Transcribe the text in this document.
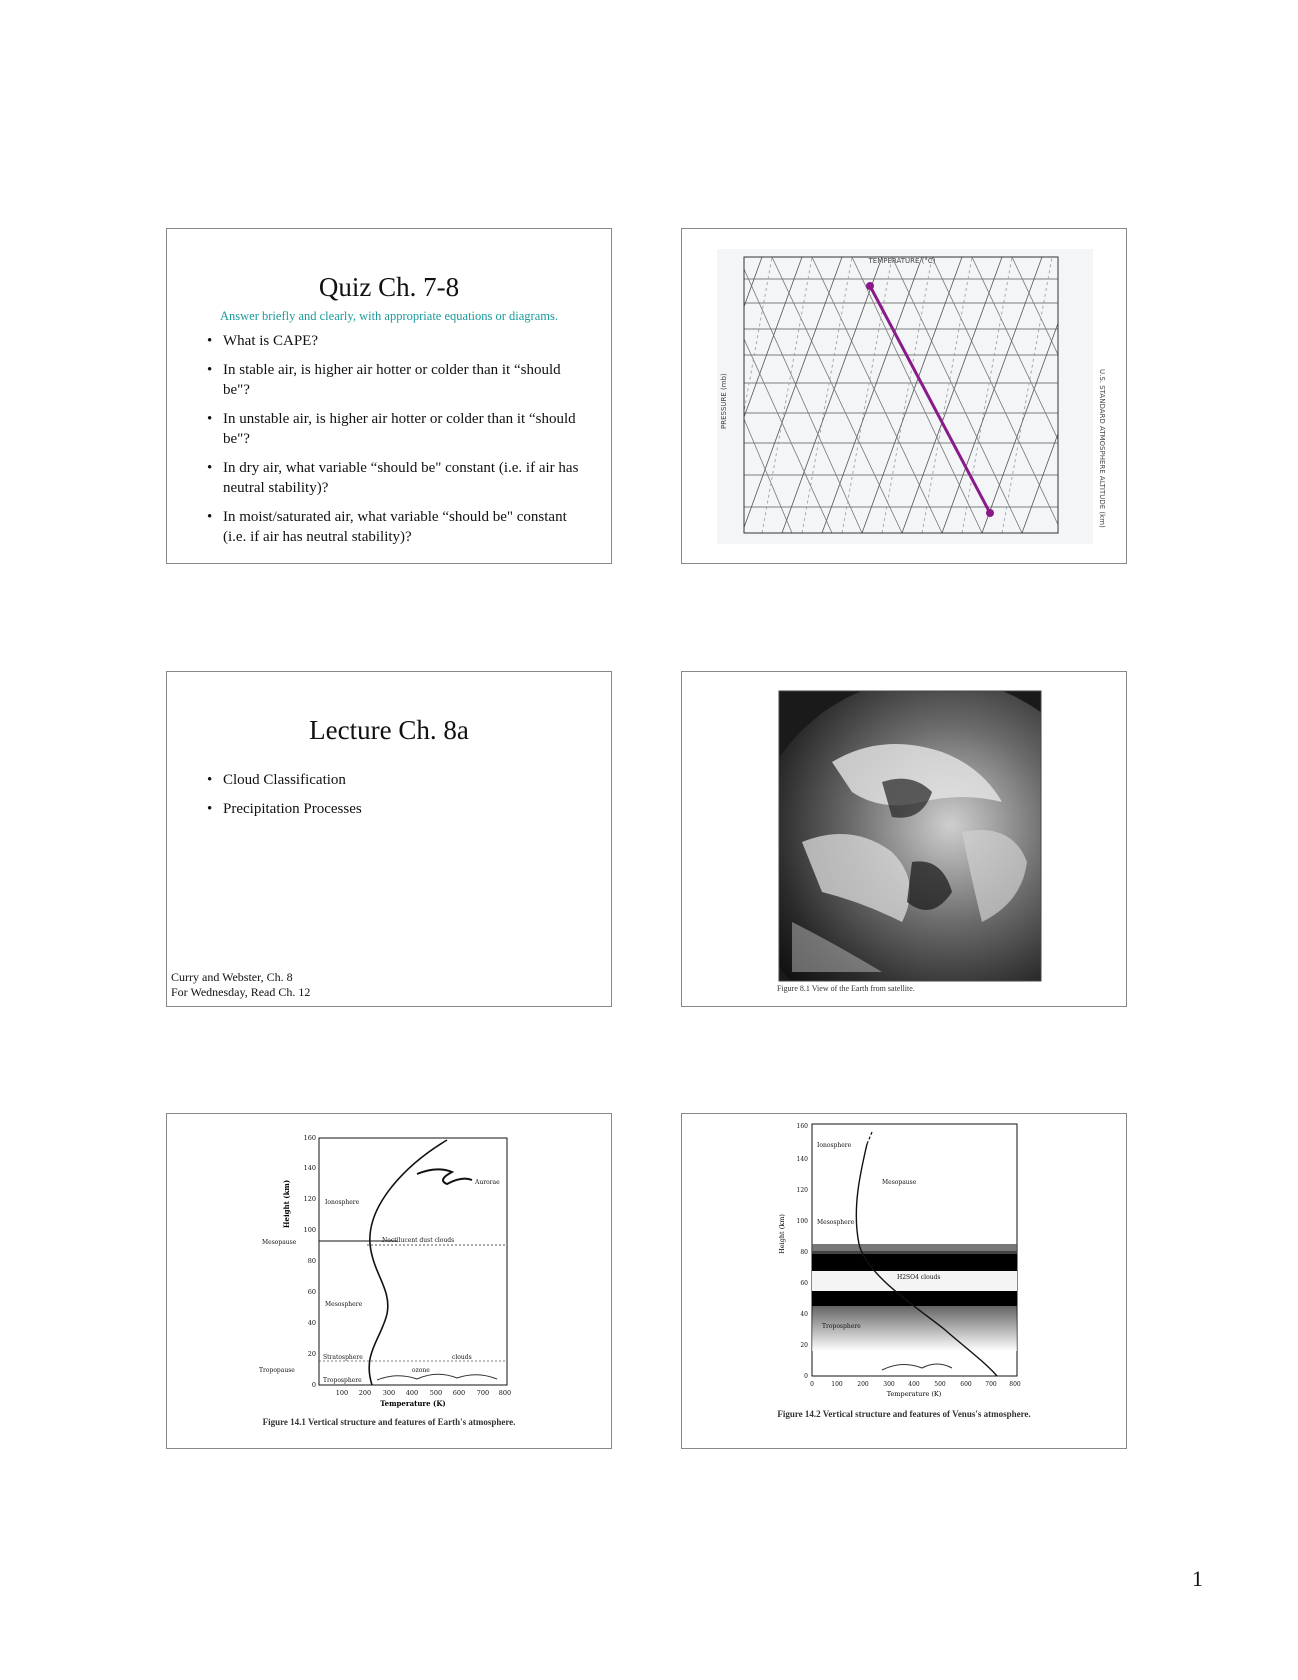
Quiz Ch. 7-8
Answer briefly and clearly, with appropriate equations or diagrams.
• What is CAPE?
• In stable air, is higher air hotter or colder than it “should be"?
• In unstable air, is higher air hotter or colder than it “should be"?
• In dry air, what variable “should be" constant (i.e. if air has neutral stability)?
• In moist/saturated air, what variable “should be" constant (i.e. if air has neutral stability)?
TEMPERATURE (°C)
PRESSURE (mb)	U.S. STANDARD ATMOSPHERE ALTITUDE (km)
Lecture Ch. 8a
• Cloud Classification
• Precipitation Processes
Curry and Webster, Ch. 8
For Wednesday, Read Ch. 12	Figure 8.1 View of the Earth from satellite.
0
20
40
60
80
100
120
140
160
100 200 300 400 500 600 700 800
Height (km)
Temperature (K)
Aurorae
Ionosphere
Mesopause	Noctilucent dust clouds
Mesosphere
Stratosphere
Tropopause
Troposphere
clouds
ozone
Figure 14.1 Vertical structure and features of Earth's atmosphere.
0
20
40
60
80
100
120
140
160
0	100 200 300 400 500 600 700 800
Height (km)
Temperature (K)
Ionosphere
Mesopause
Mesosphere
H2SO4 clouds
Troposphere
Figure 14.2 Vertical structure and features of Venus's atmosphere.
1
